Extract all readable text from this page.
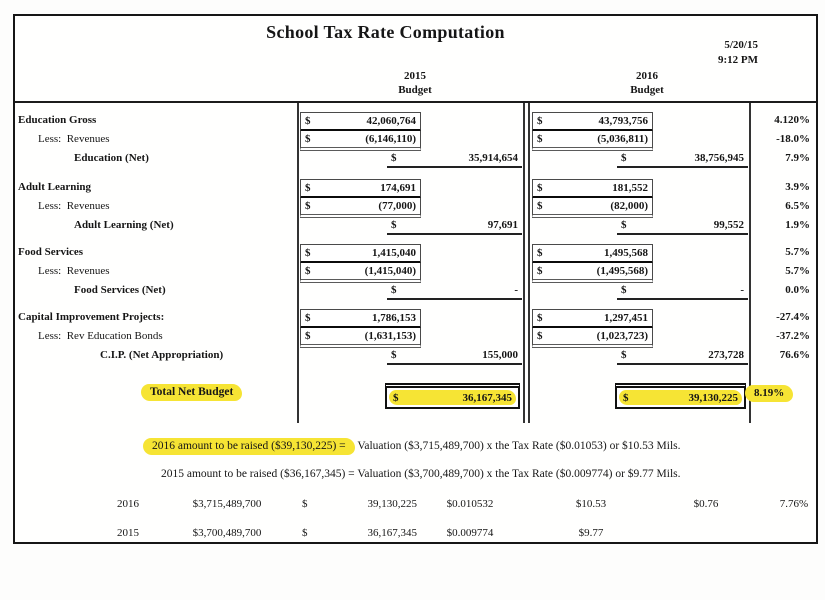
School Tax Rate Computation
5/20/15
9:12 PM
2015
Budget
2016
Budget
Education Gross	$	42,060,764	$	43,793,756	4.120%
Less:  Revenues	$	(6,146,110)	$	(5,036,811)	-18.0%
Education (Net)	$	35,914,654	$	38,756,945	7.9%
Adult Learning	$	174,691	$	181,552	3.9%
Less:  Revenues	$	(77,000)	$	(82,000)	6.5%
Adult Learning (Net)	$	97,691	$	99,552	1.9%
Food Services	$	1,415,040	$	1,495,568	5.7%
Less:  Revenues	$	(1,415,040)	$	(1,495,568)	5.7%
Food Services (Net)	$	-	$	-	0.0%
Capital Improvement Projects:	$	1,786,153	$	1,297,451	-27.4%
Less:  Rev Education Bonds	$	(1,631,153)	$	(1,023,723)	-37.2%
C.I.P. (Net Appropriation)	$	155,000	$	273,728	76.6%
Total Net Budget	$	36,167,345	$	39,130,225	8.19%
2016 amount to be raised ($39,130,225) = Valuation ($3,715,489,700) x the Tax Rate ($0.01053) or $10.53 Mils.
2015 amount to be raised ($36,167,345) = Valuation ($3,700,489,700) x the Tax Rate ($0.009774) or $9.77 Mils.
2016	$3,715,489,700	$	39,130,225	$0.010532	$10.53	$0.76	7.76%
2015	$3,700,489,700	$	36,167,345	$0.009774	$9.77
